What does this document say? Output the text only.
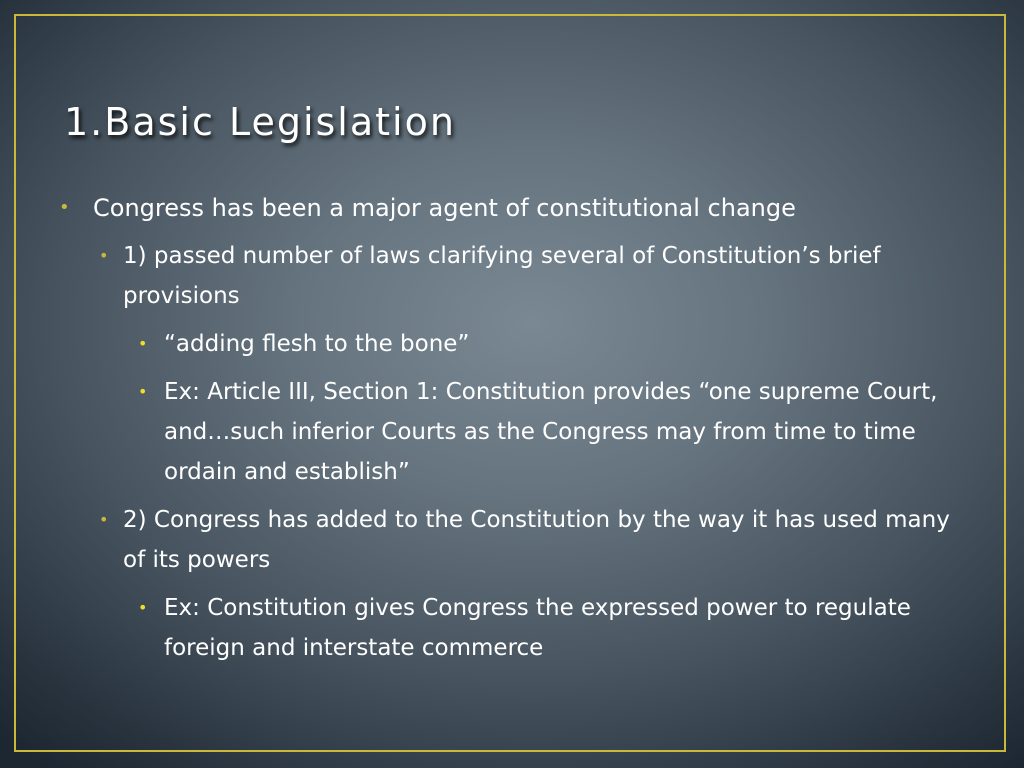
1.Basic Legislation

• Congress has been a major agent of constitutional change

• 1) passed number of laws clarifying several of Constitution’s brief provisions

• “adding flesh to the bone”

• Ex: Article III, Section 1: Constitution provides “one supreme Court, and…such inferior Courts as the Congress may from time to time ordain and establish”

• 2) Congress has added to the Constitution by the way it has used many of its powers

• Ex: Constitution gives Congress the expressed power to regulate foreign and interstate commerce
